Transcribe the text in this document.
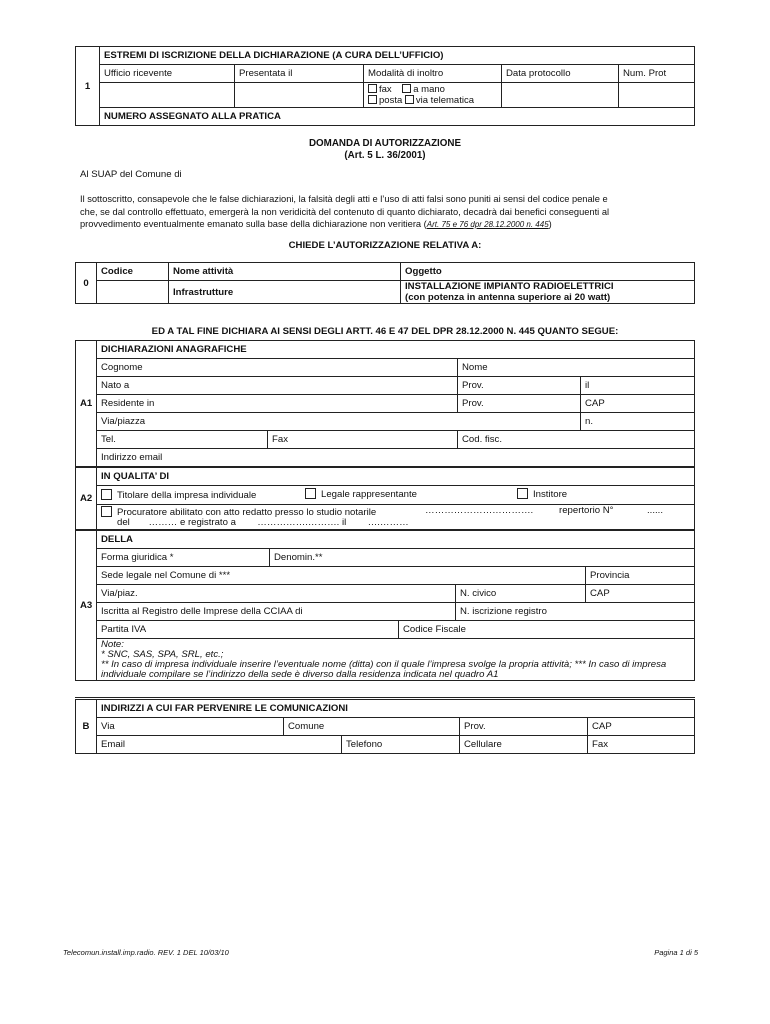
1	ESTREMI DI ISCRIZIONE DELLA DICHIARAZIONE (A CURA DELL’UFFICIO)				
	Ufficio ricevente	Presentata il	Modalità di inoltro	Data protocollo	Num. Prot
			fax a mano
posta via telematica		
	NUMERO ASSEGNATO ALLA PRATICA				
DOMANDA DI AUTORIZZAZIONE
(Art. 5 L. 36/2001)
Al SUAP del Comune di
Il sottoscritto, consapevole che le false dichiarazioni, la falsità degli atti e l’uso di atti falsi sono puniti ai sensi del codice penale e
che, se dal controllo effettuato, emergerà la non veridicità del contenuto di quanto dichiarato, decadrà dai benefici conseguenti al
provvedimento eventualmente emanato sulla base della dichiarazione non veritiera (Art. 75 e 76 dpr 28.12.2000 n. 445)
CHIEDE L’AUTORIZZAZIONE RELATIVA A:
0	Codice	Nome attività	Oggetto
		Infrastrutture	INSTALLAZIONE IMPIANTO RADIOELETTRICI
(con potenza in antenna superiore ai 20 watt)
ED A TAL FINE DICHIARA AI SENSI DEGLI ARTT. 46 E 47 DEL DPR 28.12.2000 N. 445 QUANTO SEGUE:
A1	DICHIARAZIONI ANAGRAFICHE			
	Cognome		Nome	
	Nato a		Prov.	il
	Residente in		Prov.	CAP
	Via/piazza			n.
	Tel.	Fax	Cod. fisc.	
	Indirizzo email			
A2	IN QUALITA’ DI
Titolare della impresa individuale	Legale rappresentante	Institore

Procuratore abilitato con atto redatto presso lo studio notarile	…………………………….	repertorio N°	......
del ……… e registrato a …………….………. il ….………
A3	DELLA				
	Forma giuridica *	Denomin.**			
	Sede legale nel Comune di ***				Provincia
	Via/piaz.			N. civico	CAP
	Iscritta al Registro delle Imprese della CCIAA di			N. iscrizione registro	
	Partita IVA		Codice Fiscale		

	Note:
* SNC, SAS, SPA, SRL, etc.;
** In caso di impresa individuale inserire l’eventuale nome (ditta) con il quale l’impresa svolge la propria attività; *** In caso di impresa
individuale compilare se l’indirizzo della sede è diverso dalla residenza indicata nel quadro A1				
B	INDIRIZZI A CUI FAR PERVENIRE LE COMUNICAZIONI				
	Via	Comune		Prov.	CAP
	Email		Telefono	Cellulare	Fax
Telecomun.install.imp.radio. REV. 1 DEL 10/03/10	Pagina 1 di 5
